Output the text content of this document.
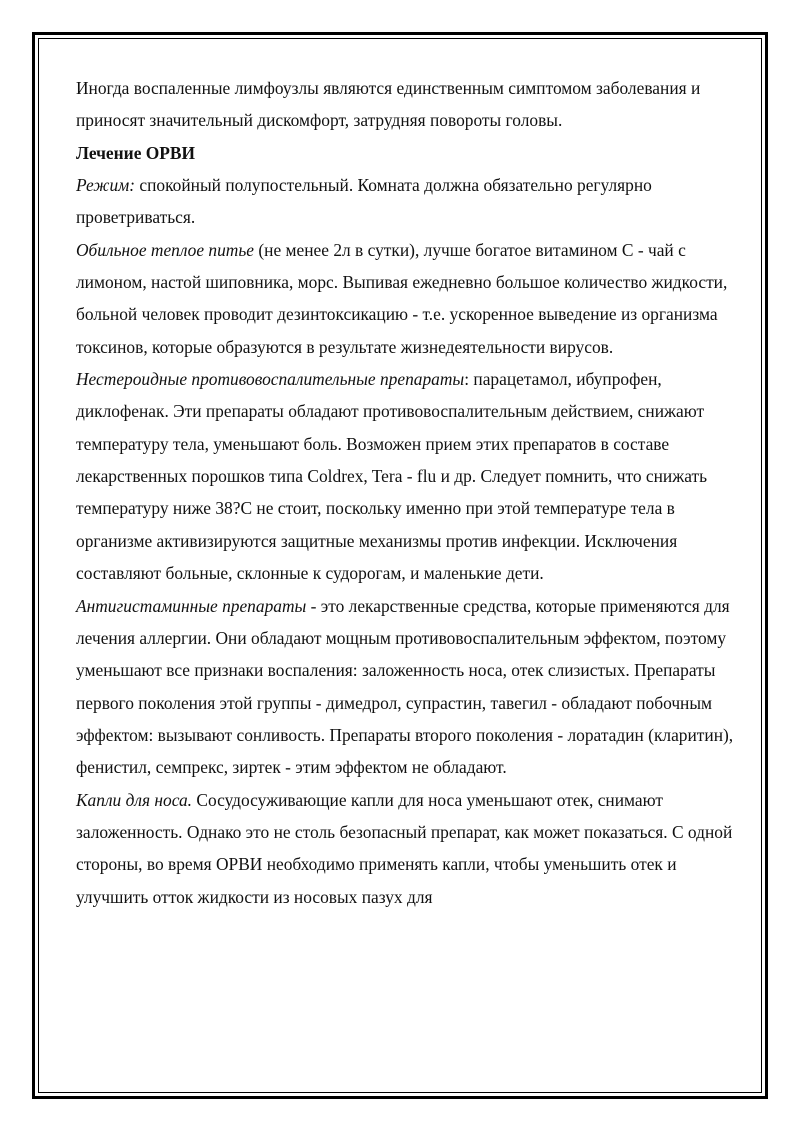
Иногда воспаленные лимфоузлы являются единственным симптомом заболевания и приносят значительный дискомфорт, затрудняя повороты головы.

Лечение ОРВИ

Режим: спокойный полупостельный. Комната должна обязательно регулярно проветриваться.

Обильное теплое питье (не менее 2л в сутки), лучше богатое витамином С - чай с лимоном, настой шиповника, морс. Выпивая ежедневно большое количество жидкости, больной человек проводит дезинтоксикацию - т.е. ускоренное выведение из организма токсинов, которые образуются в результате жизнедеятельности вирусов.

Нестероидные противовоспалительные препараты: парацетамол, ибупрофен, диклофенак. Эти препараты обладают противовоспалительным действием, снижают температуру тела, уменьшают боль. Возможен прием этих препаратов в составе лекарственных порошков типа Coldrex, Tera - flu и др. Следует помнить, что снижать температуру ниже 38?С не стоит, поскольку именно при этой температуре тела в организме активизируются защитные механизмы против инфекции. Исключения составляют больные, склонные к судорогам, и маленькие дети.

Антигистаминные препараты - это лекарственные средства, которые применяются для лечения аллергии. Они обладают мощным противовоспалительным эффектом, поэтому уменьшают все признаки воспаления: заложенность носа, отек слизистых. Препараты первого поколения этой группы - димедрол, супрастин, тавегил - обладают побочным эффектом: вызывают сонливость. Препараты второго поколения - лоратадин (кларитин), фенистил, семпрекс, зиртек - этим эффектом не обладают.

Капли для носа. Сосудосуживающие капли для носа уменьшают отек, снимают заложенность. Однако это не столь безопасный препарат, как может показаться. С одной стороны, во время ОРВИ необходимо применять капли, чтобы уменьшить отек и улучшить отток жидкости из носовых пазух для
